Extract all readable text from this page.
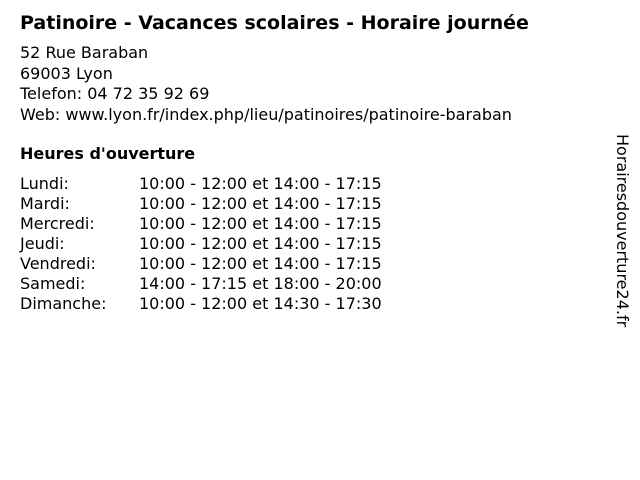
Patinoire - Vacances scolaires - Horaire journée
52 Rue Baraban
69003 Lyon
Telefon: 04 72 35 92 69
Web: www.lyon.fr/index.php/lieu/patinoires/patinoire-baraban
Heures d'ouverture
Lundi:	10:00 - 12:00 et 14:00 - 17:15
Mardi:	10:00 - 12:00 et 14:00 - 17:15
Mercredi:	10:00 - 12:00 et 14:00 - 17:15
Jeudi:	10:00 - 12:00 et 14:00 - 17:15
Vendredi:	10:00 - 12:00 et 14:00 - 17:15
Samedi:	14:00 - 17:15 et 18:00 - 20:00
Dimanche:	10:00 - 12:00 et 14:30 - 17:30	Horairesdouverture24.fr
